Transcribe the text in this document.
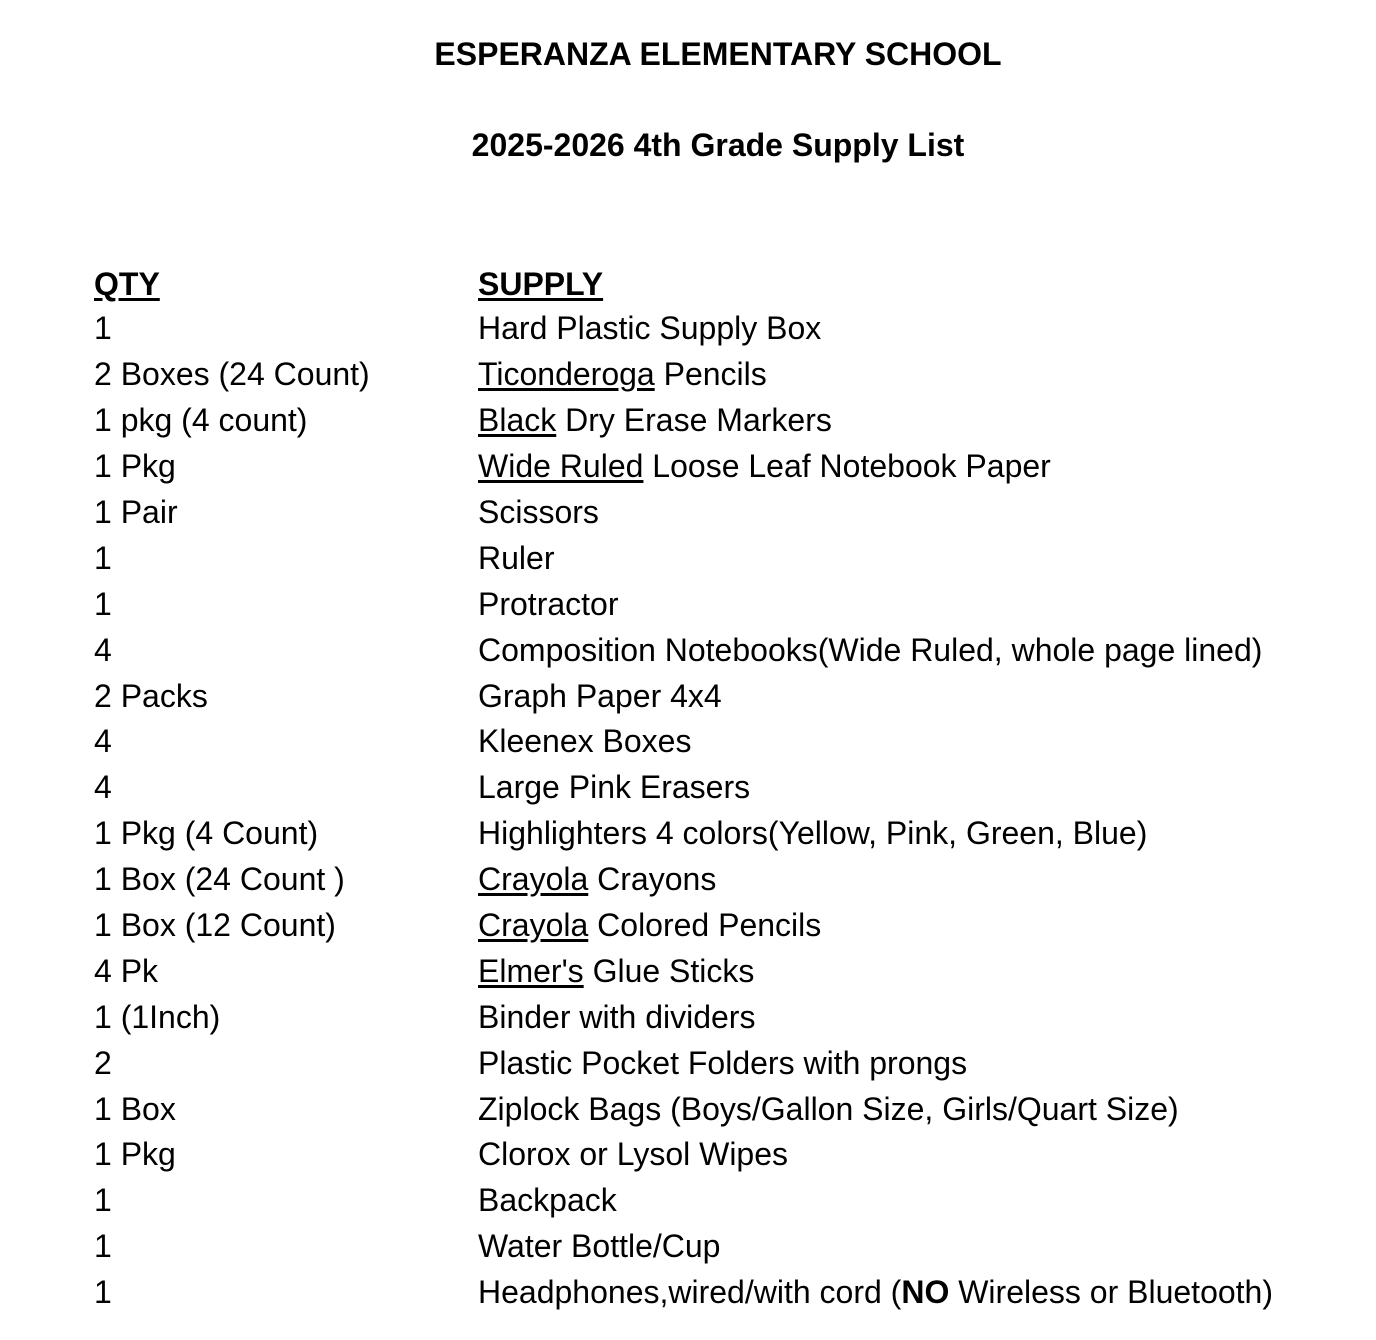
ESPERANZA ELEMENTARY SCHOOL
2025-2026 4th Grade Supply List
QTY	SUPPLY
1	Hard Plastic Supply Box
2 Boxes (24 Count)	Ticonderoga Pencils
1 pkg (4 count)	Black Dry Erase Markers
1 Pkg	Wide Ruled Loose Leaf Notebook Paper
1 Pair	Scissors
1	Ruler
1	Protractor
4	Composition Notebooks(Wide Ruled, whole page lined)
2 Packs	Graph Paper 4x4
4	Kleenex Boxes
4	Large Pink Erasers
1 Pkg (4 Count)	Highlighters 4 colors(Yellow, Pink, Green, Blue)
1 Box (24 Count )	Crayola Crayons
1 Box (12 Count)	Crayola Colored Pencils
4 Pk	Elmer's Glue Sticks
1 (1Inch)	Binder with dividers
2	Plastic Pocket Folders with prongs
1 Box	Ziplock Bags (Boys/Gallon Size, Girls/Quart Size)
1 Pkg	Clorox or Lysol Wipes
1	Backpack
1	Water Bottle/Cup
1	Headphones,wired/with cord (NO Wireless or Bluetooth)
